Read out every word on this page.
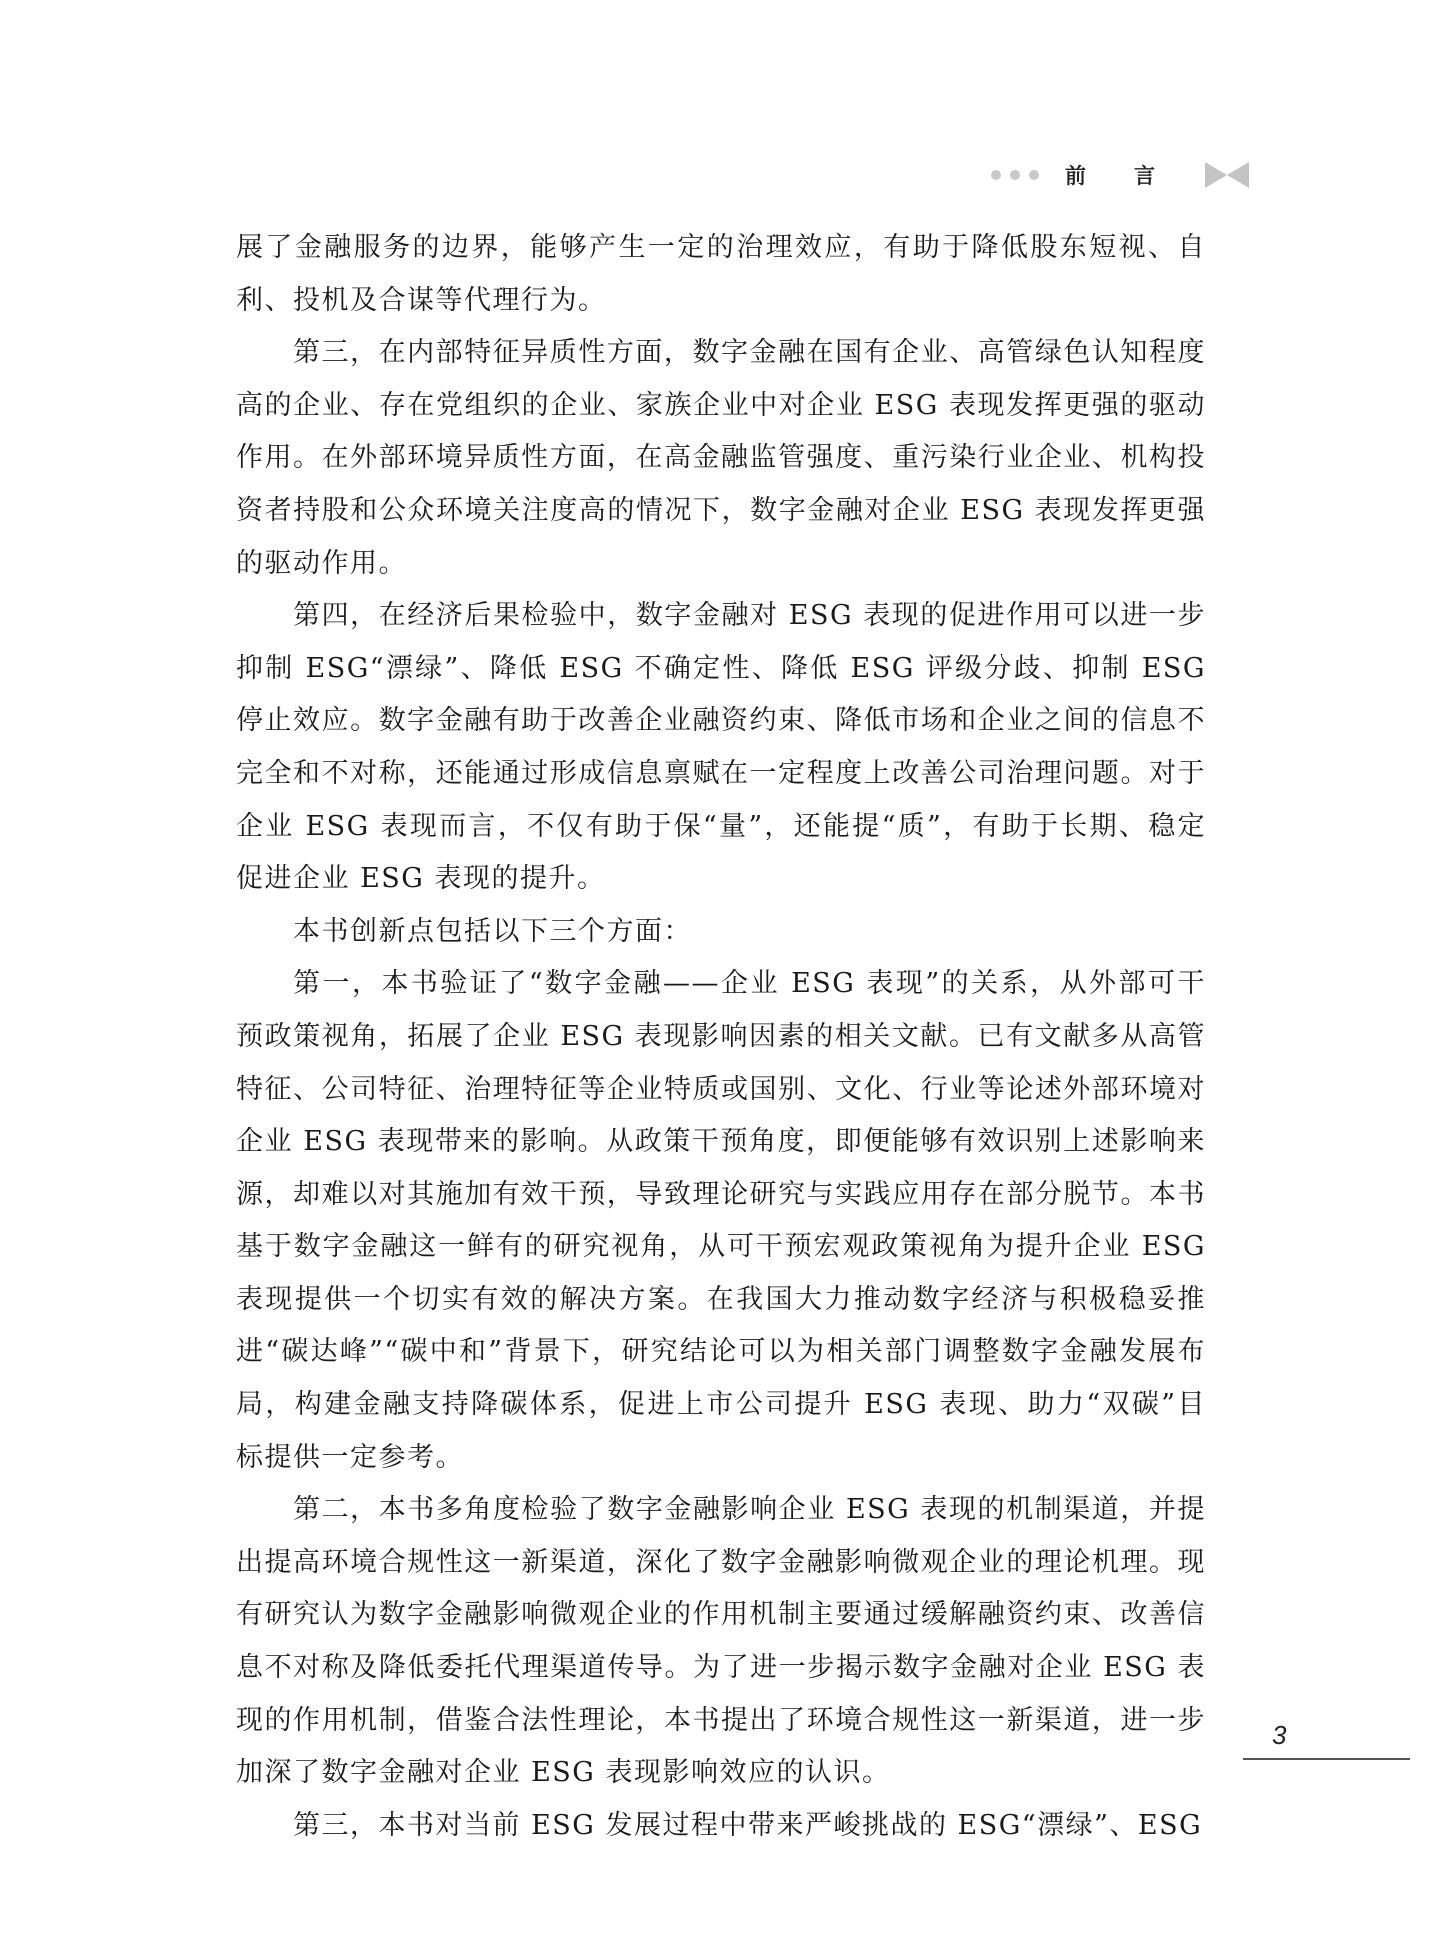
前言

展了金融服务的边界，能够产生一定的治理效应，有助于降低股东短视、自利、投机及合谋等代理行为。

第三，在内部特征异质性方面，数字金融在国有企业、高管绿色认知程度高的企业、存在党组织的企业、家族企业中对企业 ESG 表现发挥更强的驱动作用。在外部环境异质性方面，在高金融监管强度、重污染行业企业、机构投资者持股和公众环境关注度高的情况下，数字金融对企业 ESG 表现发挥更强的驱动作用。

第四，在经济后果检验中，数字金融对 ESG 表现的促进作用可以进一步抑制 ESG“漂绿”、降低 ESG 不确定性、降低 ESG 评级分歧、抑制 ESG 停止效应。数字金融有助于改善企业融资约束、降低市场和企业之间的信息不完全和不对称，还能通过形成信息禀赋在一定程度上改善公司治理问题。对于企业 ESG 表现而言，不仅有助于保“量”，还能提“质”，有助于长期、稳定促进企业 ESG 表现的提升。

本书创新点包括以下三个方面：

第一，本书验证了“数字金融——企业 ESG 表现”的关系，从外部可干预政策视角，拓展了企业 ESG 表现影响因素的相关文献。已有文献多从高管特征、公司特征、治理特征等企业特质或国别、文化、行业等论述外部环境对企业 ESG 表现带来的影响。从政策干预角度，即便能够有效识别上述影响来源，却难以对其施加有效干预，导致理论研究与实践应用存在部分脱节。本书基于数字金融这一鲜有的研究视角，从可干预宏观政策视角为提升企业 ESG 表现提供一个切实有效的解决方案。在我国大力推动数字经济与积极稳妥推进“碳达峰”“碳中和”背景下，研究结论可以为相关部门调整数字金融发展布局，构建金融支持降碳体系，促进上市公司提升 ESG 表现、助力“双碳”目标提供一定参考。

第二，本书多角度检验了数字金融影响企业 ESG 表现的机制渠道，并提出提高环境合规性这一新渠道，深化了数字金融影响微观企业的理论机理。现有研究认为数字金融影响微观企业的作用机制主要通过缓解融资约束、改善信息不对称及降低委托代理渠道传导。为了进一步揭示数字金融对企业 ESG 表现的作用机制，借鉴合法性理论，本书提出了环境合规性这一新渠道，进一步加深了数字金融对企业 ESG 表现影响效应的认识。

第三，本书对当前 ESG 发展过程中带来严峻挑战的 ESG“漂绿”、ESG

3
